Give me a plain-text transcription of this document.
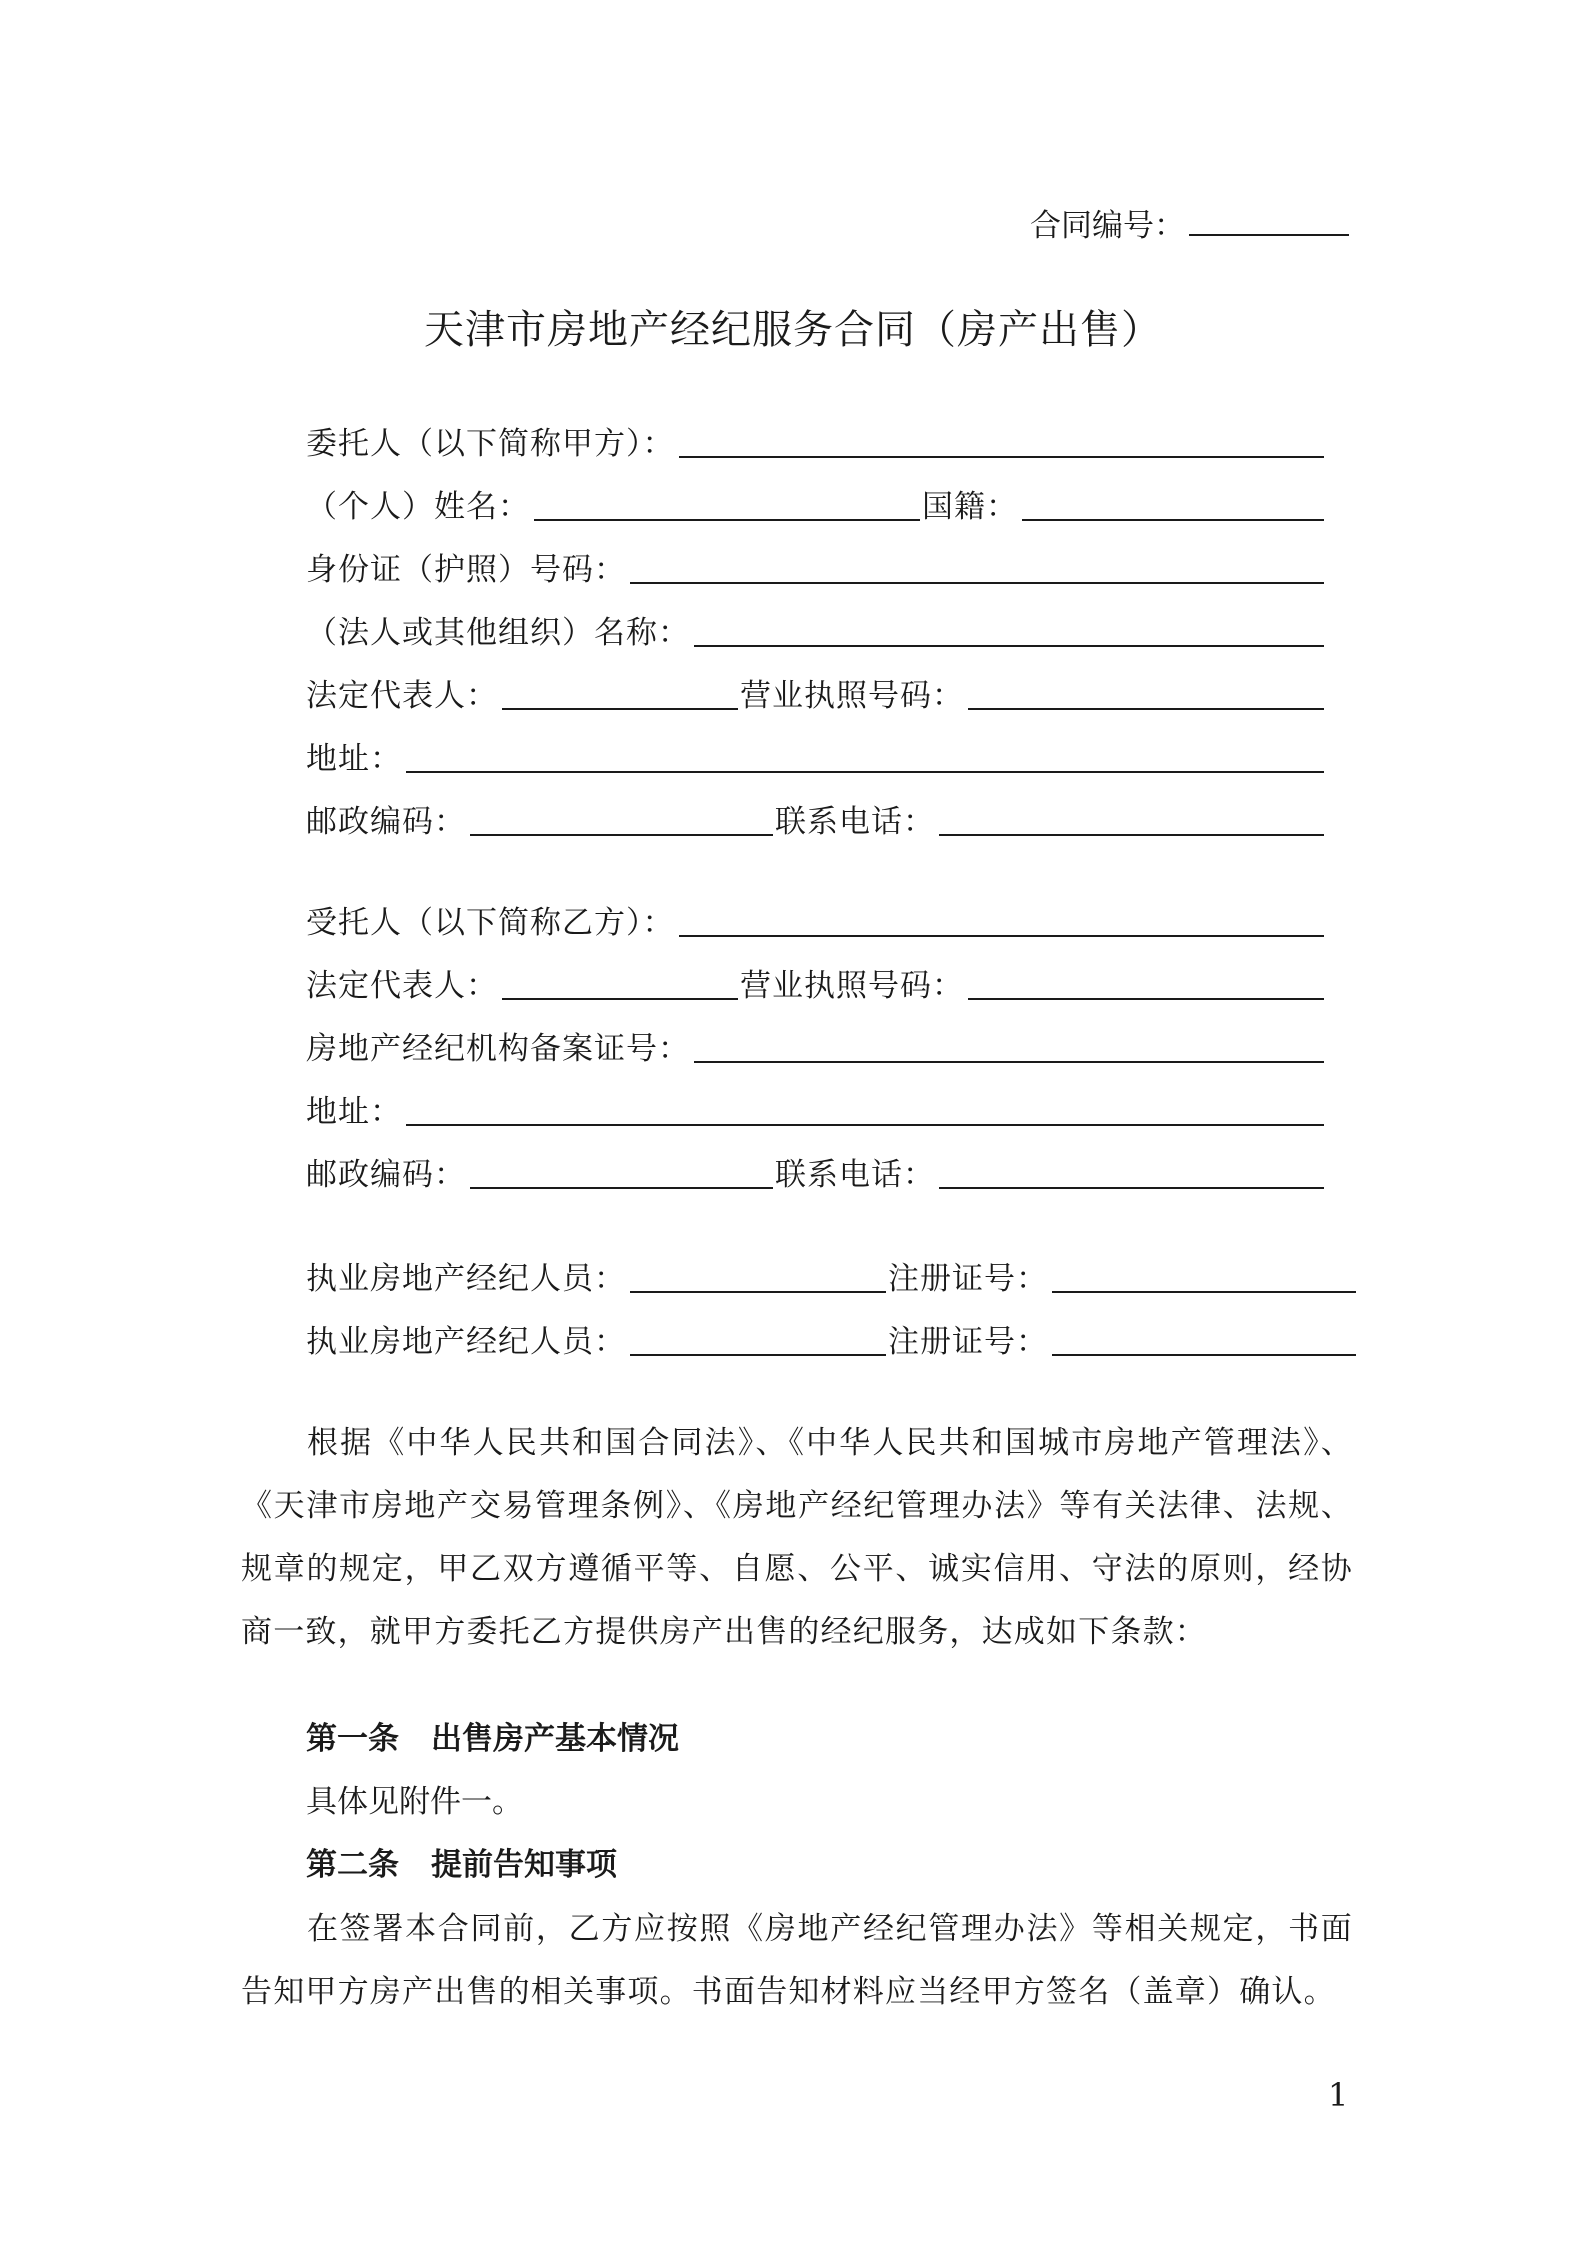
合同编号：
天津市房地产经纪服务合同（房产出售）
委托人（以下简称甲方）：
（个人）姓名：	国籍：
身份证（护照）号码：
（法人或其他组织）名称：
法定代表人：	营业执照号码：
地址：
邮政编码：	联系电话：
受托人（以下简称乙方）：
法定代表人：	营业执照号码：
房地产经纪机构备案证号：
地址：
邮政编码：	联系电话：
执业房地产经纪人员：	注册证号：
执业房地产经纪人员：	注册证号：
根据《中华人民共和国合同法》、《中华人民共和国城市房地产管理法》、《天津市房地产交易管理条例》、《房地产经纪管理办法》等有关法律、法规、规章的规定，甲乙双方遵循平等、自愿、公平、诚实信用、守法的原则，经协商一致，就甲方委托乙方提供房产出售的经纪服务，达成如下条款：
第一条 出售房产基本情况
具体见附件一。
第二条 提前告知事项
在签署本合同前，乙方应按照《房地产经纪管理办法》等相关规定，书面告知甲方房产出售的相关事项。书面告知材料应当经甲方签名（盖章）确认。
1
